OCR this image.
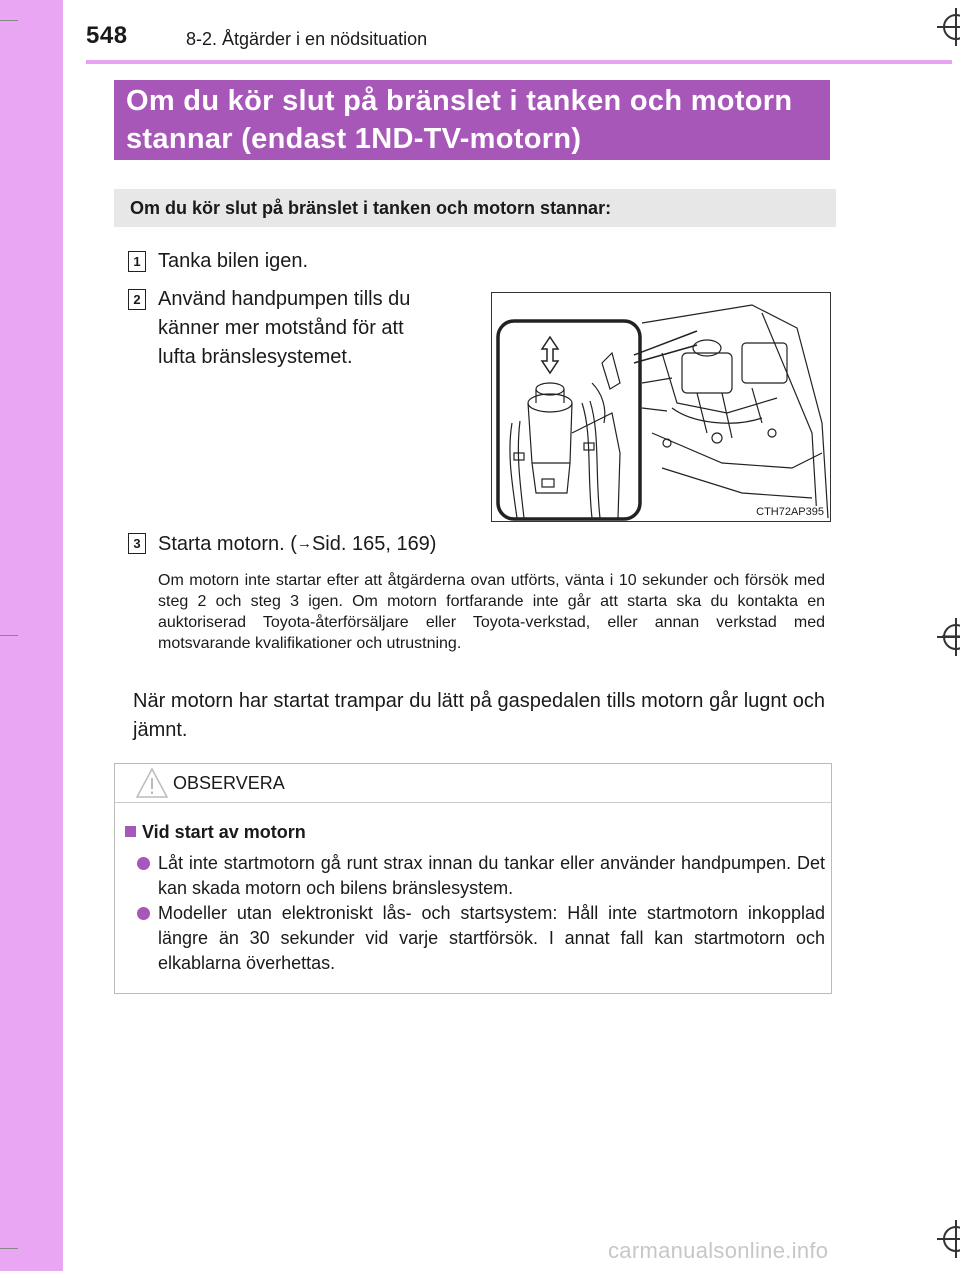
548	8-2. Åtgärder i en nödsituation
Om du kör slut på bränslet i tanken och motorn
stannar (endast 1ND-TV-motorn)
Om du kör slut på bränslet i tanken och motorn stannar:
1 Tanka bilen igen.
2 Använd handpumpen tills du
känner mer motstånd för att
lufta bränslesystemet.
CTH72AP395
3 Starta motorn. (→Sid. 165, 169)
Om motorn inte startar efter att åtgärderna ovan utförts, vänta i 10 sekunder och försök med steg 2 och steg 3 igen. Om motorn fortfarande inte går att starta ska du kontakta en auktoriserad Toyota-återförsäljare eller Toyota-verkstad, eller annan verkstad med motsvarande kvalifikationer och utrustning.
När motorn har startat trampar du lätt på gaspedalen tills motorn går lugnt och jämnt.
OBSERVERA
Vid start av motorn
Låt inte startmotorn gå runt strax innan du tankar eller använder handpumpen. Det kan skada motorn och bilens bränslesystem.
Modeller utan elektroniskt lås- och startsystem: Håll inte startmotorn inkopplad längre än 30 sekunder vid varje startförsök. I annat fall kan startmotorn och elkablarna överhettas.
carmanualsonline.info
